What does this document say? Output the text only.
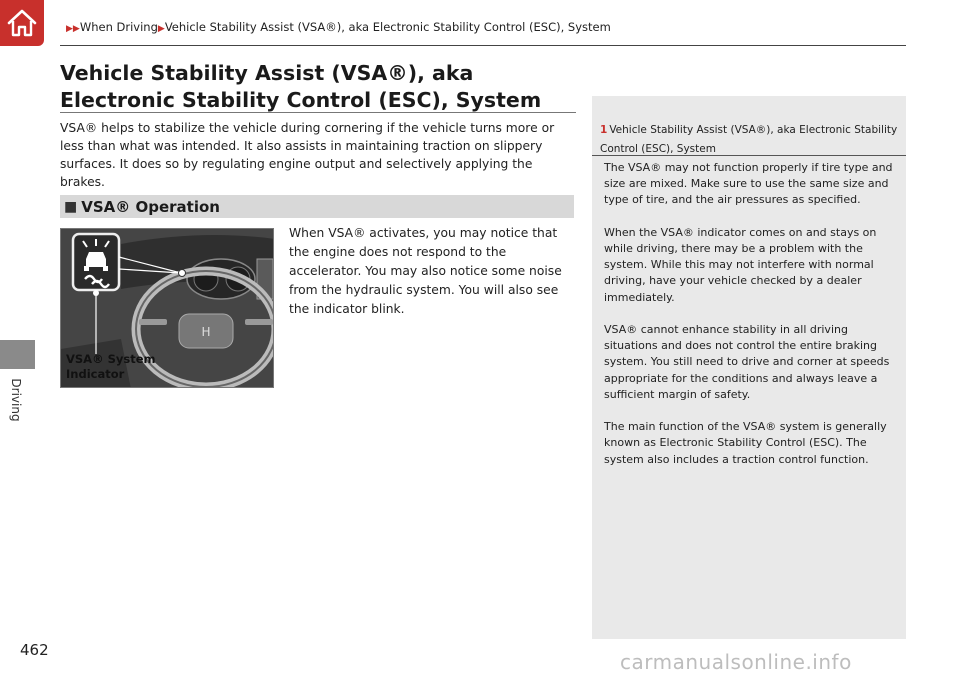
Driving
▶▶When Driving▶Vehicle Stability Assist (VSA®), aka Electronic Stability Control (ESC), System
Vehicle Stability Assist (VSA®), aka Electronic Stability Control (ESC), System

VSA® helps to stabilize the vehicle during cornering if the vehicle turns more or less than what was intended. It also assists in maintaining traction on slippery surfaces. It does so by regulating engine output and selectively applying the brakes.

■ VSA® Operation
H
VSA® System
Indicator

When VSA® activates, you may notice that the engine does not respond to the accelerator. You may also notice some noise from the hydraulic system. You will also see the indicator blink.

1 Vehicle Stability Assist (VSA®), aka Electronic Stability Control (ESC), System

The VSA® may not function properly if tire type and size are mixed. Make sure to use the same size and type of tire, and the air pressures as specified.

When the VSA® indicator comes on and stays on while driving, there may be a problem with the system. While this may not interfere with normal driving, have your vehicle checked by a dealer immediately.

VSA® cannot enhance stability in all driving situations and does not control the entire braking system. You still need to drive and corner at speeds appropriate for the conditions and always leave a sufficient margin of safety.

The main function of the VSA® system is generally known as Electronic Stability Control (ESC). The system also includes a traction control function.

462	carmanualsonline.info
